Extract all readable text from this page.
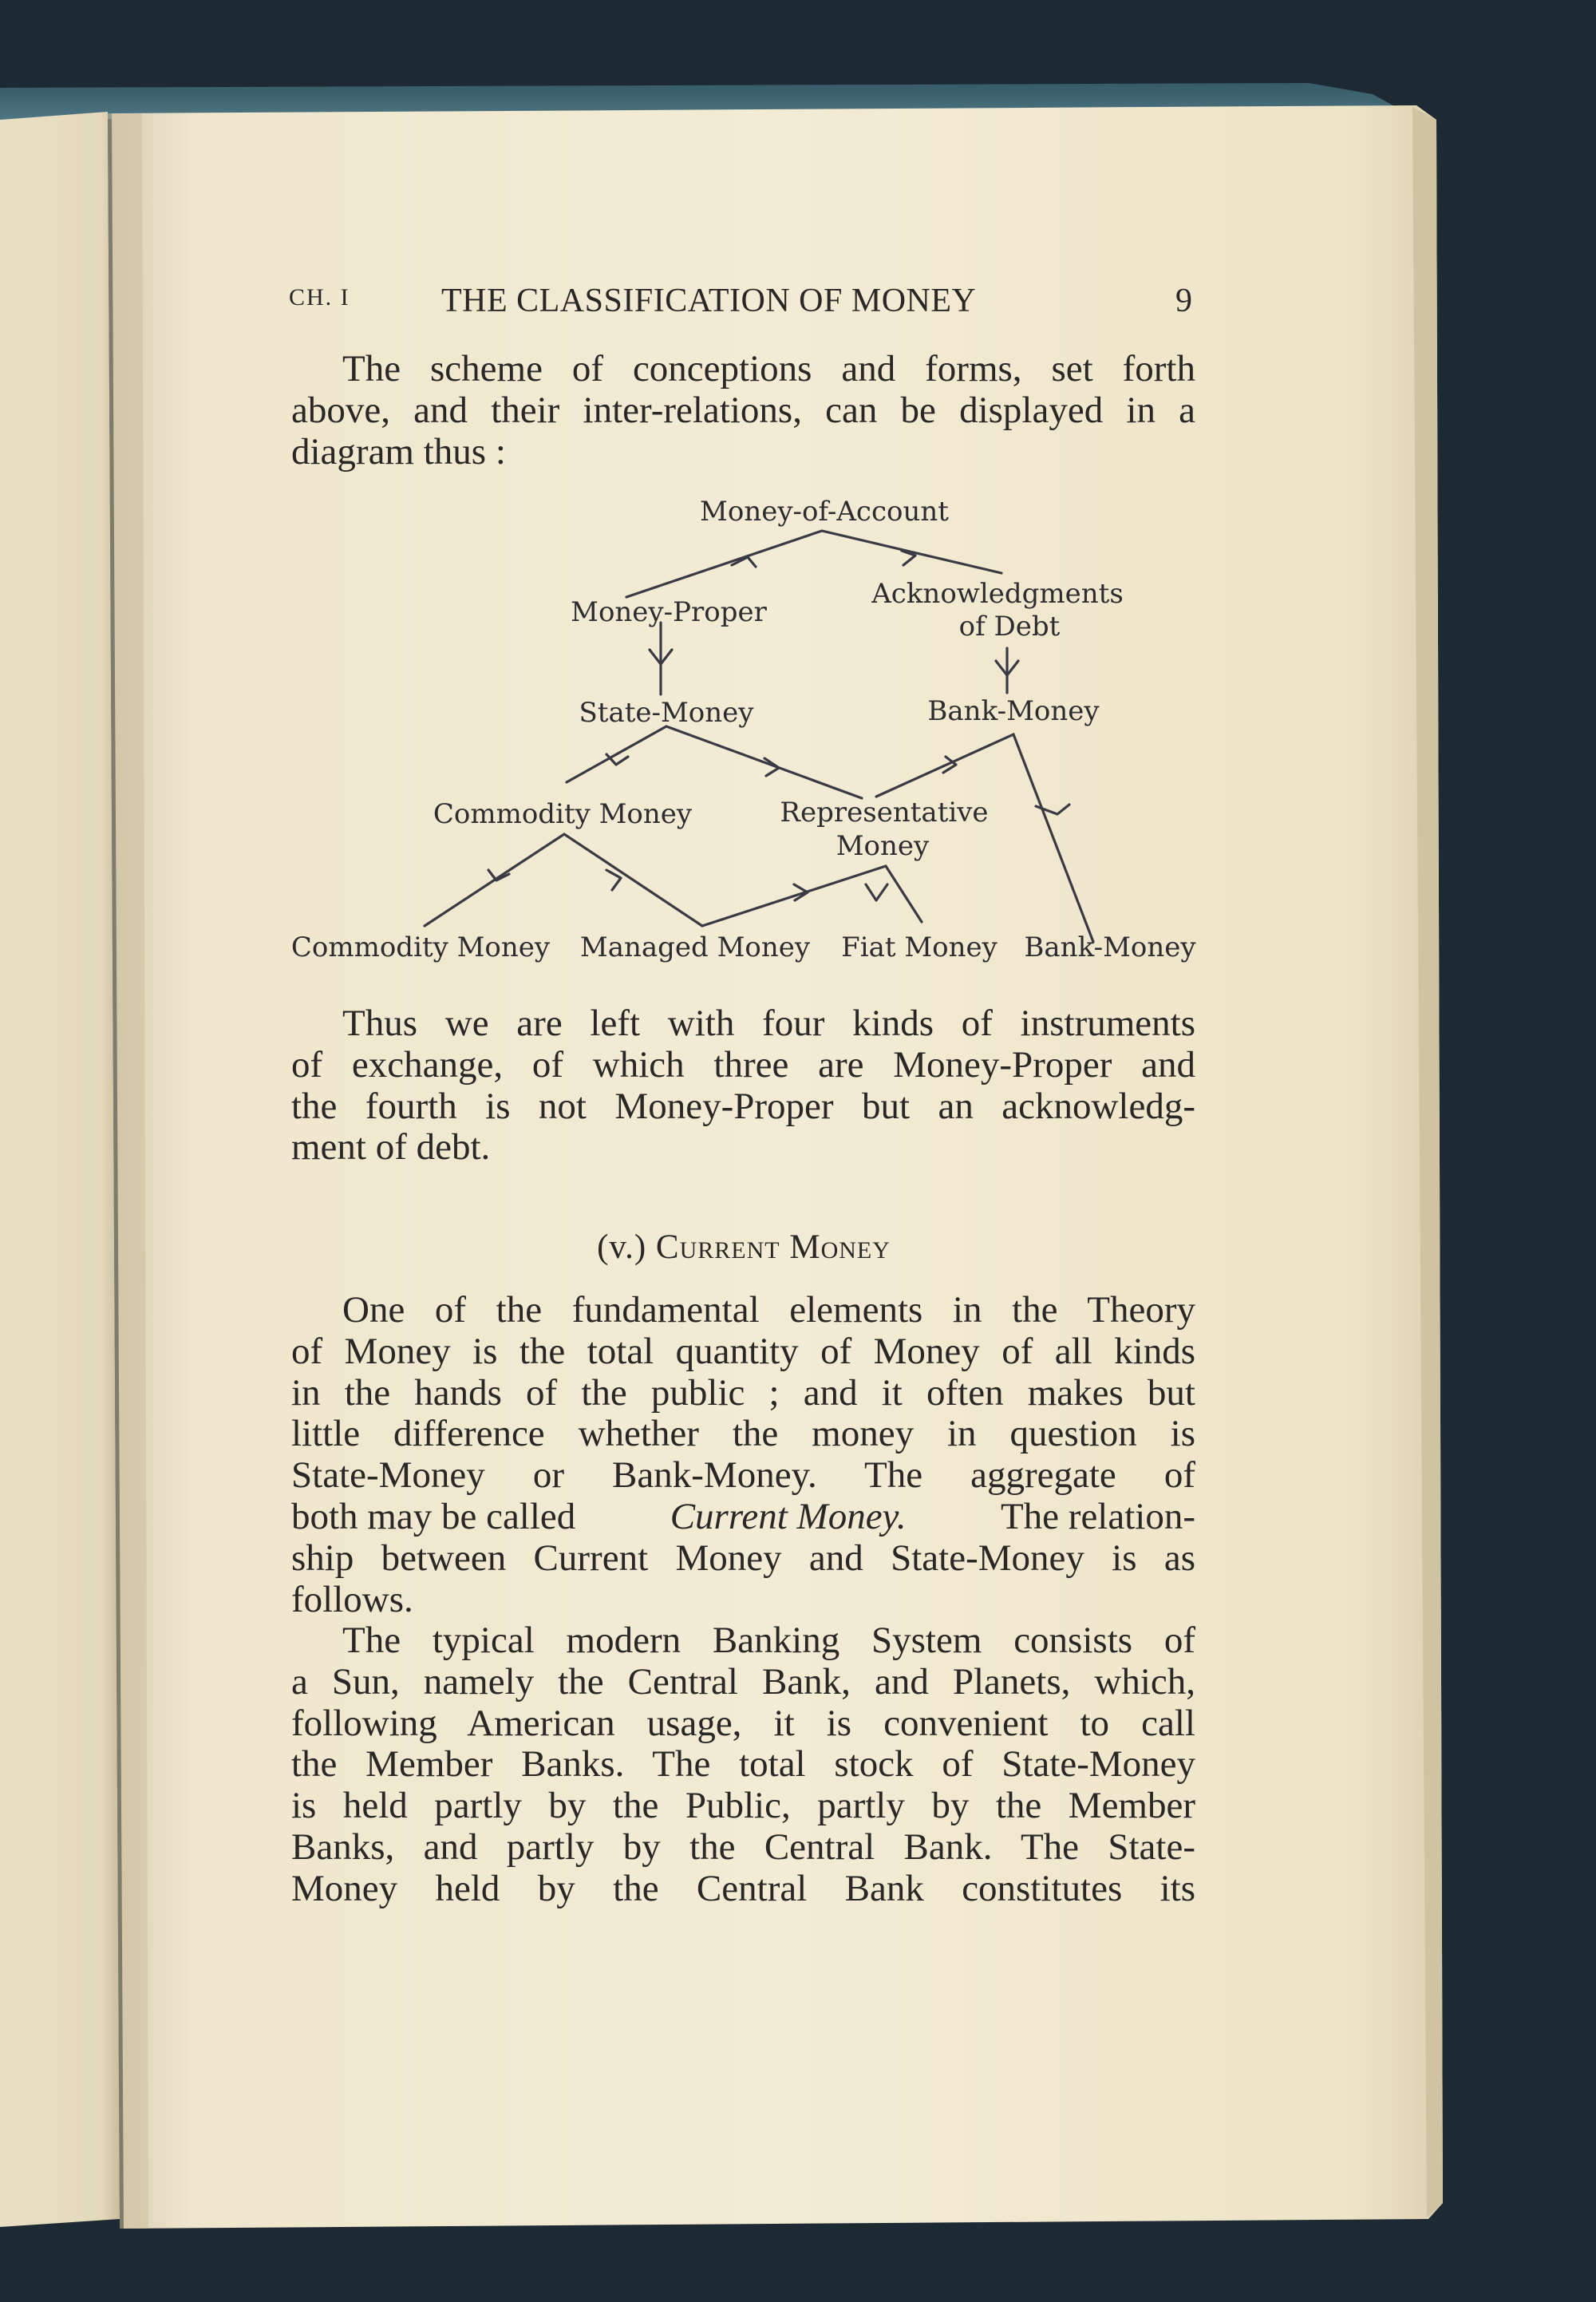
CH. I	THE CLASSIFICATION OF MONEY	9
The scheme of conceptions and forms, set forth
above, and their inter-relations, can be displayed in a
diagram thus :
Money-of-Account
Money-Proper
Acknowledgments
of Debt
State-Money	Bank-Money
Commodity Money	Representative
Money
Commodity Money Managed Money Fiat Money Bank-Money
Thus we are left with four kinds of instruments
of exchange, of which three are Money-Proper and
the fourth is not Money-Proper but an acknowledg-
ment of debt.
(v.) Current Money
One of the fundamental elements in the Theory
of Money is the total quantity of Money of all kinds
in the hands of the public ; and it often makes but
little difference whether the money in question is
State-Money or Bank-Money. The aggregate of
both may be called	Current Money.	The relation-
ship between Current Money and State-Money is as
follows.
The typical modern Banking System consists of
a Sun, namely the Central Bank, and Planets, which,
following American usage, it is convenient to call
the Member Banks. The total stock of State-Money
is held partly by the Public, partly by the Member
Banks, and partly by the Central Bank. The State-
Money held by the Central Bank constitutes its
